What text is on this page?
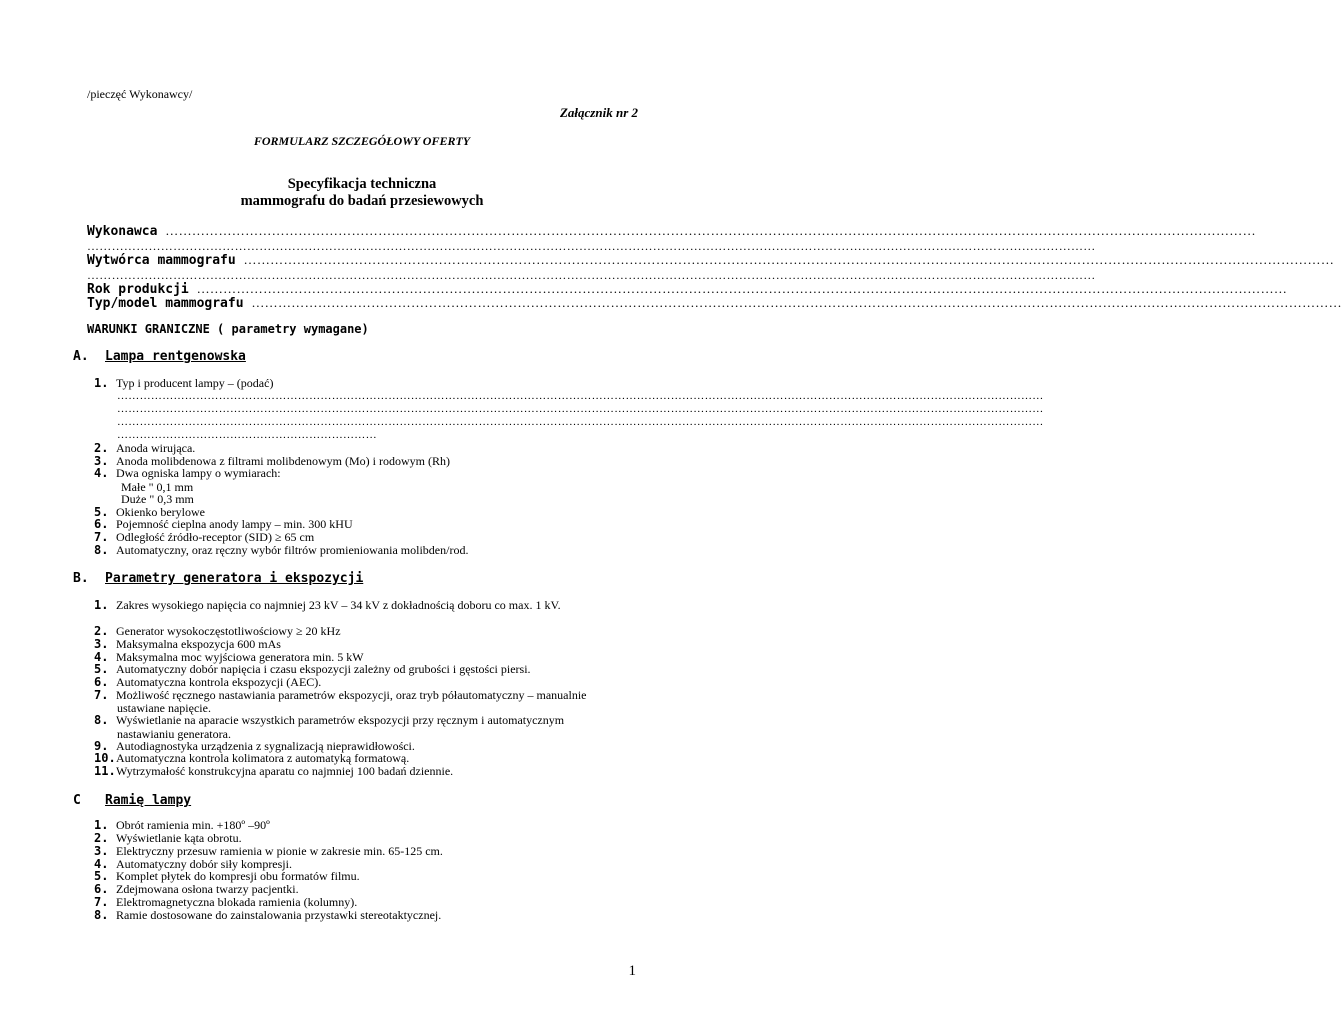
/pieczęć Wykonawcy/
Załącznik nr 2
FORMULARZ SZCZEGÓŁOWY OFERTY
Specyfikacja techniczna
mammografu do badań przesiewowych
Wykonawca …………………………………………………………………………………………………………………………………………………………………………………………………………………………
…………………………………………………………………………………………………………………………………………………………………………………………………………………………
Wytwórca mammografu …………………………………………………………………………………………………………………………………………………………………………………………………………………………
…………………………………………………………………………………………………………………………………………………………………………………………………………………………
Rok produkcji …………………………………………………………………………………………………………………………………………………………………………………………………………………………
Typ/model mammografu …………………………………………………………………………………………………………………………………………………………………………………………………………………………
WARUNKI GRANICZNE ( parametry wymagane)
A. Lampa rentgenowska
1. Typ i producent lampy – (podać)
…………………………………………………………………………………………………………………………………………………………………………………………………………………………
…………………………………………………………………………………………………………………………………………………………………………………………………………………………
…………………………………………………………………………………………………………………………………………………………………………………………………………………………
……………………………………………………………
2. Anoda wirująca.
3. Anoda molibdenowa z filtrami molibdenowym (Mo) i rodowym (Rh)
4. Dwa ogniska lampy o wymiarach:
Małe " 0,1 mm
Duże " 0,3 mm
5. Okienko berylowe
6. Pojemność cieplna anody lampy – min. 300 kHU
7. Odległość źródło-receptor (SID) ≥ 65 cm
8. Automatyczny, oraz ręczny wybór filtrów promieniowania molibden/rod.
B. Parametry generatora i ekspozycji
1. Zakres wysokiego napięcia co najmniej 23 kV – 34 kV z dokładnością doboru co max. 1 kV.
2. Generator wysokoczęstotliwościowy ≥ 20 kHz
3. Maksymalna ekspozycja 600 mAs
4. Maksymalna moc wyjściowa generatora min. 5 kW
5. Automatyczny dobór napięcia i czasu ekspozycji zależny od grubości i gęstości piersi.
6. Automatyczna kontrola ekspozycji (AEC).
7. Możliwość ręcznego nastawiania parametrów ekspozycji, oraz tryb półautomatyczny – manualnie
ustawiane napięcie.
8. Wyświetlanie na aparacie wszystkich parametrów ekspozycji przy ręcznym i automatycznym
nastawianiu generatora.
9. Autodiagnostyka urządzenia z sygnalizacją nieprawidłowości.
10.Automatyczna kontrola kolimatora z automatyką formatową.
11.Wytrzymałość konstrukcyjna aparatu co najmniej 100 badań dziennie.
C Ramię lampy
1. Obrót ramienia min. +180º –90º
2. Wyświetlanie kąta obrotu.
3. Elektryczny przesuw ramienia w pionie w zakresie min. 65-125 cm.
4. Automatyczny dobór siły kompresji.
5. Komplet płytek do kompresji obu formatów filmu.
6. Zdejmowana osłona twarzy pacjentki.
7. Elektromagnetyczna blokada ramienia (kolumny).
8. Ramie dostosowane do zainstalowania przystawki stereotaktycznej.
1
